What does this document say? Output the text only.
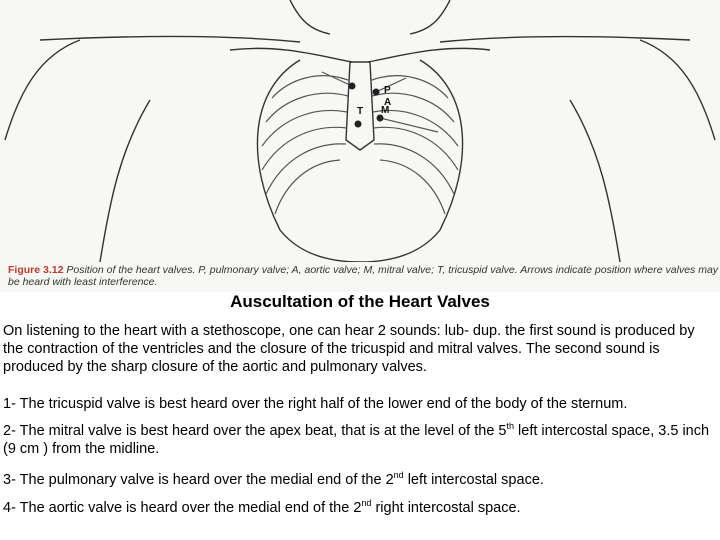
P
A
T M
Figure 3.12 Position of the heart valves. P, pulmonary valve; A, aortic valve; M, mitral valve; T, tricuspid valve. Arrows indicate position where valves may be heard with least interference.
Auscultation of the Heart Valves
On listening to the heart with a stethoscope, one can hear 2 sounds: lub- dup. the first sound is produced by the contraction of the ventricles and the closure of the tricuspid and mitral valves. The second sound is produced by the sharp closure of the aortic and pulmonary valves.
1- The tricuspid valve is best heard over the right half of the lower end of the body of the sternum.
2- The mitral valve is best heard over the apex beat, that is at the level of the 5th left intercostal space, 3.5 inch (9 cm ) from the midline.
3- The pulmonary valve is heard over the medial end of the 2nd left intercostal space.
4- The aortic valve is heard over the medial end of the 2nd right intercostal space.
